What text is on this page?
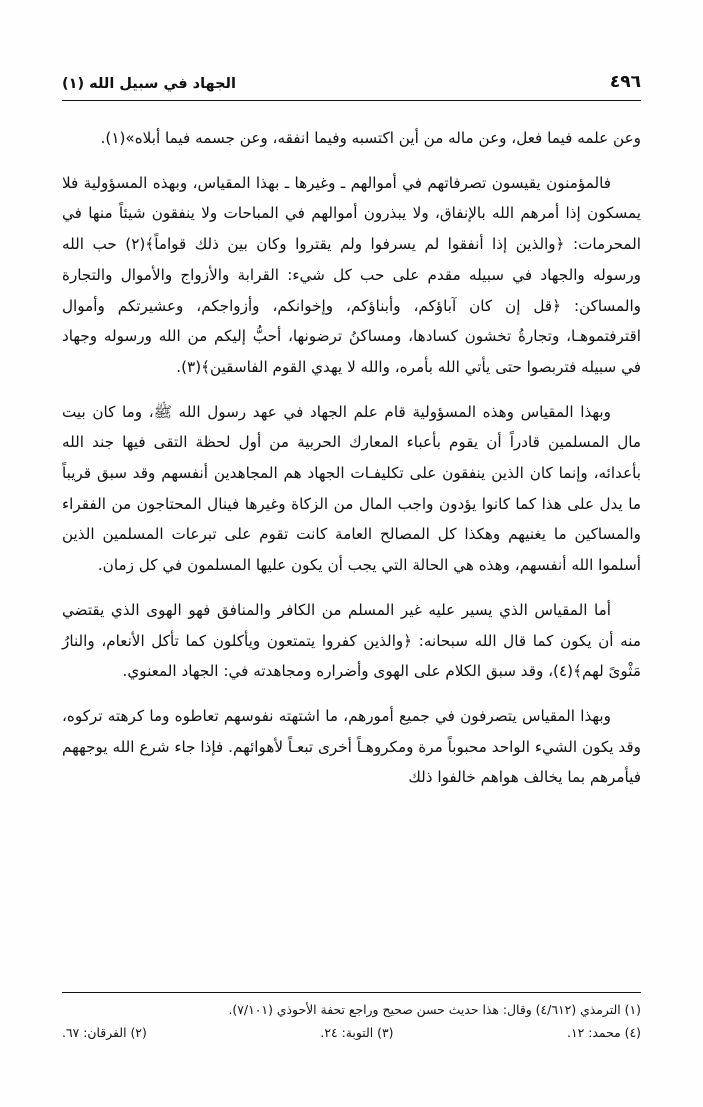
الجهاد في سبيل الله (١)	٤٩٦

وعن علمه فيما فعل، وعن ماله من أين اكتسبه وفيما انفقه، وعن جسمه فيما أبلاه»‏(١).

فالمؤمنون يقيسون تصرفاتهم في أموالهم ـ وغيرها ـ بهذا المقياس، وبهذه المسؤولية فلا يمسكون إذا أمرهم الله بالإنفاق، ولا يبذرون أموالهم في المباحات ولا ينفقون شيئاً منها في المحرمات: ﴿والذين إذا أنفقوا لم يسرفوا ولم يقتروا وكان بين ذلك قواماً﴾(٢) حب الله ورسوله والجهاد في سبيله مقدم على حب كل شيء: القرابة والأزواج والأموال والتجارة والمساكن: ﴿قل إن كان آباؤكم، وأبناؤكم، وإخوانكم، وأزواجكم، وعشيرتكم وأموال اقترفتموهـا، وتجارةُ تخشون كسادها، ومساكنُ ترضونها، أحبُّ إليكم من الله ورسوله وجهاد في سبيله فتربصوا حتى يأتي الله بأمره، والله لا يهدي القوم الفاسقين﴾(٣).

وبهذا المقياس وهذه المسؤولية قام علم الجهاد في عهد رسول الله ﷺ، وما كان بيت مال المسلمين قادراً أن يقوم بأعباء المعارك الحربية من أول لحظة التقى فيها جند الله بأعدائه، وإنما كان الذين ينفقون على تكليفـات الجهاد هم المجاهدين أنفسهم وقد سبق قريباً ما يدل على هذا كما كانوا يؤدون واجب المال من الزكاة وغيرها فينال المحتاجون من الفقراء والمساكين ما يغنيهم وهكذا كل المصالح العامة كانت تقوم على تبرعات المسلمين الذين أسلموا الله أنفسهم، وهذه هي الحالة التي يجب أن يكون عليها المسلمون في كل زمان.

أما المقياس الذي يسير عليه غير المسلم من الكافر والمنافق فهو الهوى الذي يقتضي منه أن يكون كما قال الله سبحانه: ﴿والذين كفروا يتمتعون ويأكلون كما تأكل الأنعام، والنارُ مَثْوىً لهم﴾(٤)، وقد سبق الكلام على الهوى وأضراره ومجاهدته في: الجهاد المعنوي.

وبهذا المقياس يتصرفون في جميع أمورهم، ما اشتهته نفوسهم تعاطوه وما كرهته تركوه، وقد يكون الشيء الواحد محبوباً مرة ومكروهـاً أخرى تبعـاً لأهوائهم. فإذا جاء شرع الله يوجههم فيأمرهم بما يخالف هواهم خالفوا ذلك

(١) الترمذي (٤/٦١٢) وقال: هذا حديث حسن صحيح وراجع تحفة الأحوذي (٧/١٠١).
(٢) الفرقان: ٦٧.	(٣) التوبة: ٢٤.	(٤) محمد: ١٢.
